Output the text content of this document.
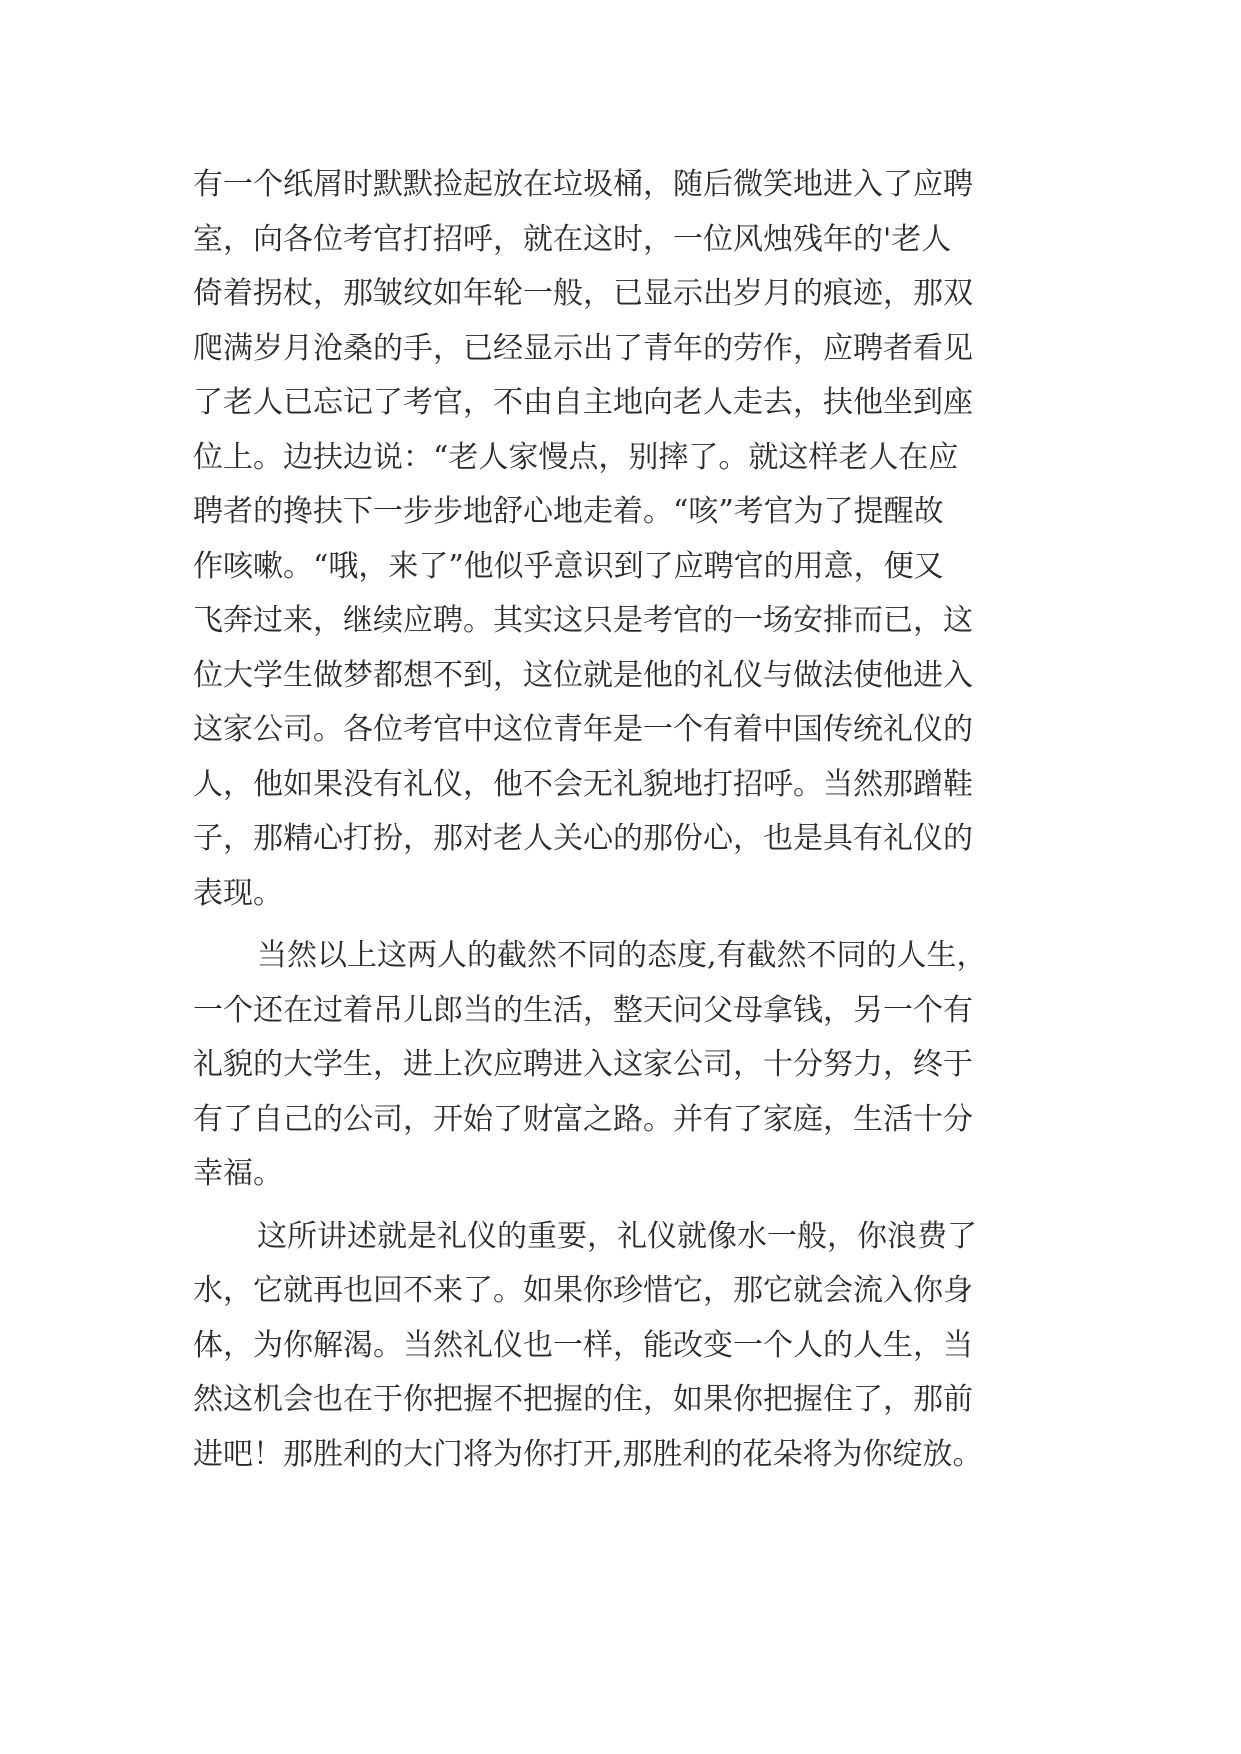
有一个纸屑时默默捡起放在垃圾桶，随后微笑地进入了应聘
室，向各位考官打招呼，就在这时，一位风烛残年的'老人
倚着拐杖，那皱纹如年轮一般，已显示出岁月的痕迹，那双
爬满岁月沧桑的手，已经显示出了青年的劳作，应聘者看见
了老人已忘记了考官，不由自主地向老人走去，扶他坐到座
位上。边扶边说：“老人家慢点，别摔了。就这样老人在应
聘者的搀扶下一步步地舒心地走着。“咳”考官为了提醒故
作咳嗽。“哦，来了”他似乎意识到了应聘官的用意，便又
飞奔过来，继续应聘。其实这只是考官的一场安排而已，这
位大学生做梦都想不到，这位就是他的礼仪与做法使他进入
这家公司。各位考官中这位青年是一个有着中国传统礼仪的
人，他如果没有礼仪，他不会无礼貌地打招呼。当然那蹭鞋
子，那精心打扮，那对老人关心的那份心，也是具有礼仪的
表现。
当然以上这两人的截然不同的态度,有截然不同的人生，
一个还在过着吊儿郎当的生活，整天问父母拿钱，另一个有
礼貌的大学生，进上次应聘进入这家公司，十分努力，终于
有了自己的公司，开始了财富之路。并有了家庭，生活十分
幸福。
这所讲述就是礼仪的重要，礼仪就像水一般，你浪费了
水，它就再也回不来了。如果你珍惜它，那它就会流入你身
体，为你解渴。当然礼仪也一样，能改变一个人的人生，当
然这机会也在于你把握不把握的住，如果你把握住了，那前
进吧！那胜利的大门将为你打开,那胜利的花朵将为你绽放。
